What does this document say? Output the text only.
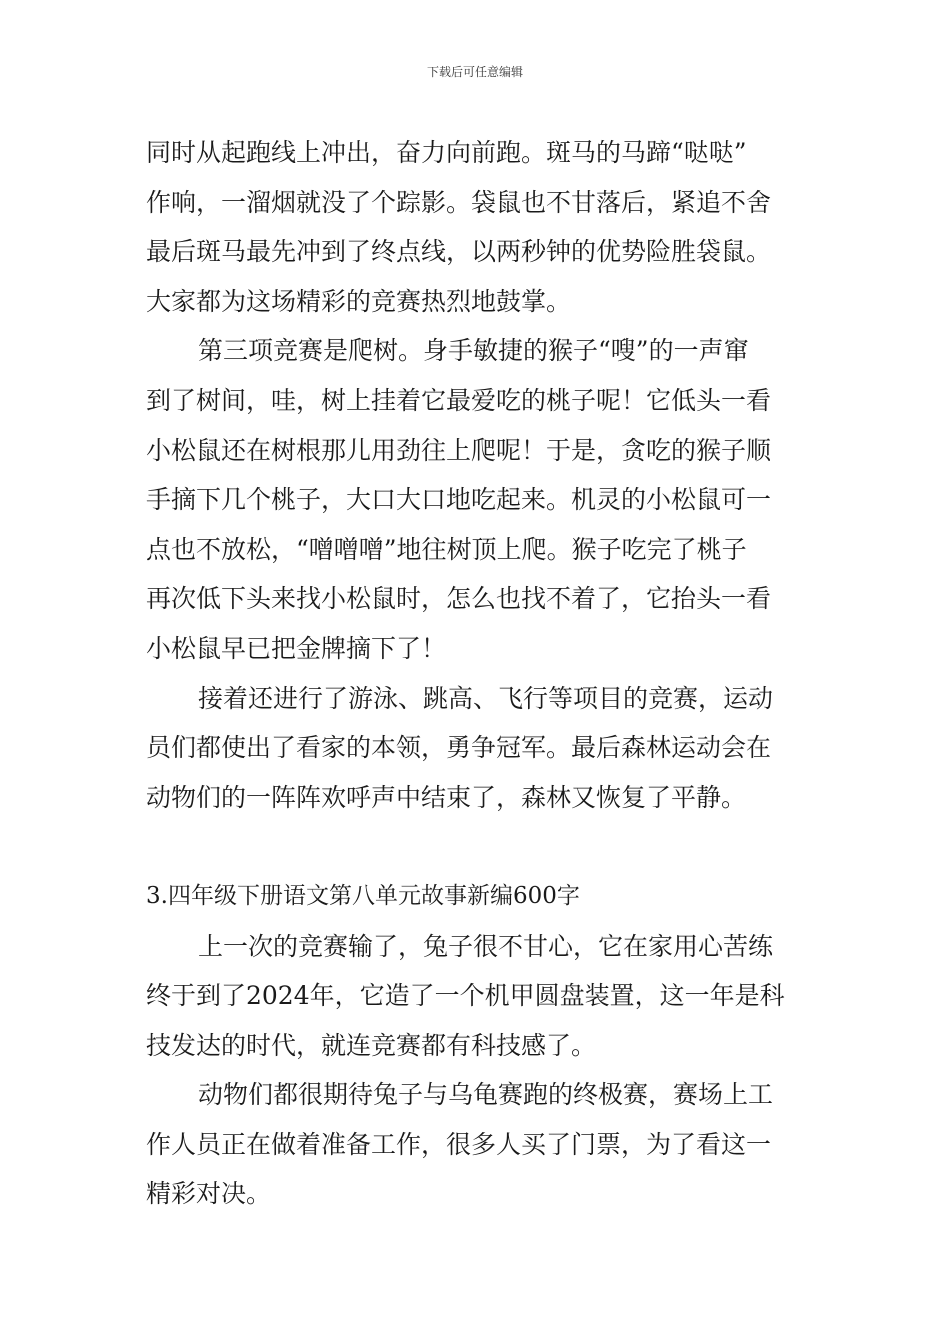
下载后可任意编辑
同时从起跑线上冲出，奋力向前跑。斑马的马蹄“哒哒”
作响，一溜烟就没了个踪影。袋鼠也不甘落后，紧追不舍
最后斑马最先冲到了终点线，以两秒钟的优势险胜袋鼠。
大家都为这场精彩的竞赛热烈地鼓掌。
第三项竞赛是爬树。身手敏捷的猴子“嗖”的一声窜
到了树间，哇，树上挂着它最爱吃的桃子呢！它低头一看
小松鼠还在树根那儿用劲往上爬呢！于是，贪吃的猴子顺
手摘下几个桃子，大口大口地吃起来。机灵的小松鼠可一
点也不放松，“噌噌噌”地往树顶上爬。猴子吃完了桃子
再次低下头来找小松鼠时，怎么也找不着了，它抬头一看
小松鼠早已把金牌摘下了！
接着还进行了游泳、跳高、飞行等项目的竞赛，运动
员们都使出了看家的本领，勇争冠军。最后森林运动会在
动物们的一阵阵欢呼声中结束了，森林又恢复了平静。
3.四年级下册语文第八单元故事新编600字
上一次的竞赛输了，兔子很不甘心，它在家用心苦练
终于到了2024年，它造了一个机甲圆盘装置，这一年是科
技发达的时代，就连竞赛都有科技感了。
动物们都很期待兔子与乌龟赛跑的终极赛，赛场上工
作人员正在做着准备工作，很多人买了门票，为了看这一
精彩对决。
